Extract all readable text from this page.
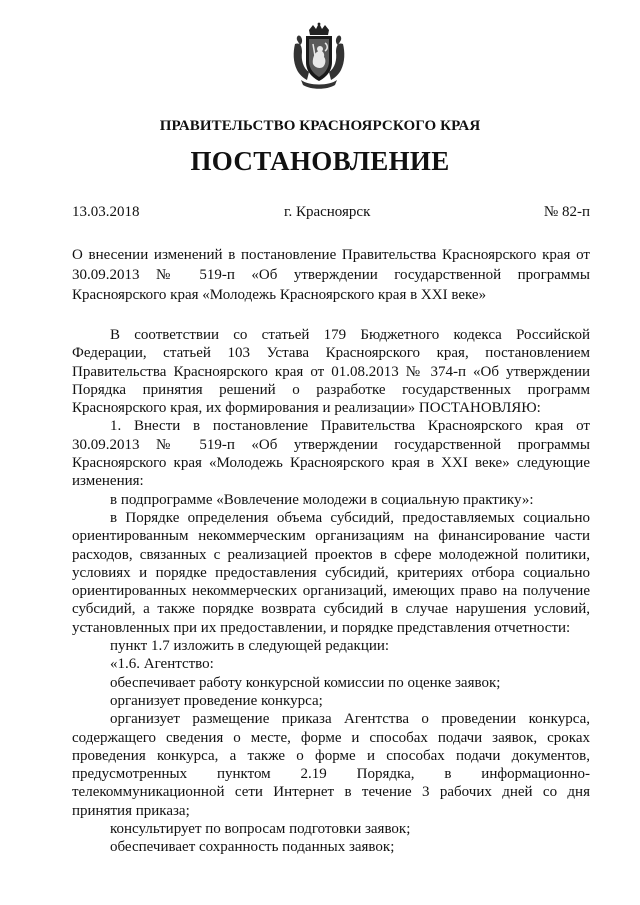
ПРАВИТЕЛЬСТВО КРАСНОЯРСКОГО КРАЯ
ПОСТАНОВЛЕНИЕ
13.03.2018	г. Красноярск	№ 82-п
О внесении изменений в постановление Правительства Красноярского края от 30.09.2013 № 519-п «Об утверждении государственной программы Красноярского края «Молодежь Красноярского края в XXI веке»

В соответствии со статьей 179 Бюджетного кодекса Российской Федерации, статьей 103 Устава Красноярского края, постановлением Правительства Красноярского края от 01.08.2013 № 374-п «Об утверждении Порядка принятия решений о разработке государственных программ Красноярского края, их формирования и реализации» ПОСТАНОВЛЯЮ:

1. Внести в постановление Правительства Красноярского края от 30.09.2013 № 519-п «Об утверждении государственной программы Красноярского края «Молодежь Красноярского края в XXI веке» следующие изменения:

в подпрограмме «Вовлечение молодежи в социальную практику»:

в Порядке определения объема субсидий, предоставляемых социально ориентированным некоммерческим организациям на финансирование части расходов, связанных с реализацией проектов в сфере молодежной политики, условиях и порядке предоставления субсидий, критериях отбора социально ориентированных некоммерческих организаций, имеющих право на получение субсидий, а также порядке возврата субсидий в случае нарушения условий, установленных при их предоставлении, и порядке представления отчетности:

пункт 1.7 изложить в следующей редакции:

«1.6. Агентство:

обеспечивает работу конкурсной комиссии по оценке заявок;

организует проведение конкурса;

организует размещение приказа Агентства о проведении конкурса, содержащего сведения о месте, форме и способах подачи заявок, сроках проведения конкурса, а также о форме и способах подачи документов, предусмотренных пунктом 2.19 Порядка, в информационно-телекоммуникационной сети Интернет в течение 3 рабочих дней со дня принятия приказа;

консультирует по вопросам подготовки заявок;

обеспечивает сохранность поданных заявок;
